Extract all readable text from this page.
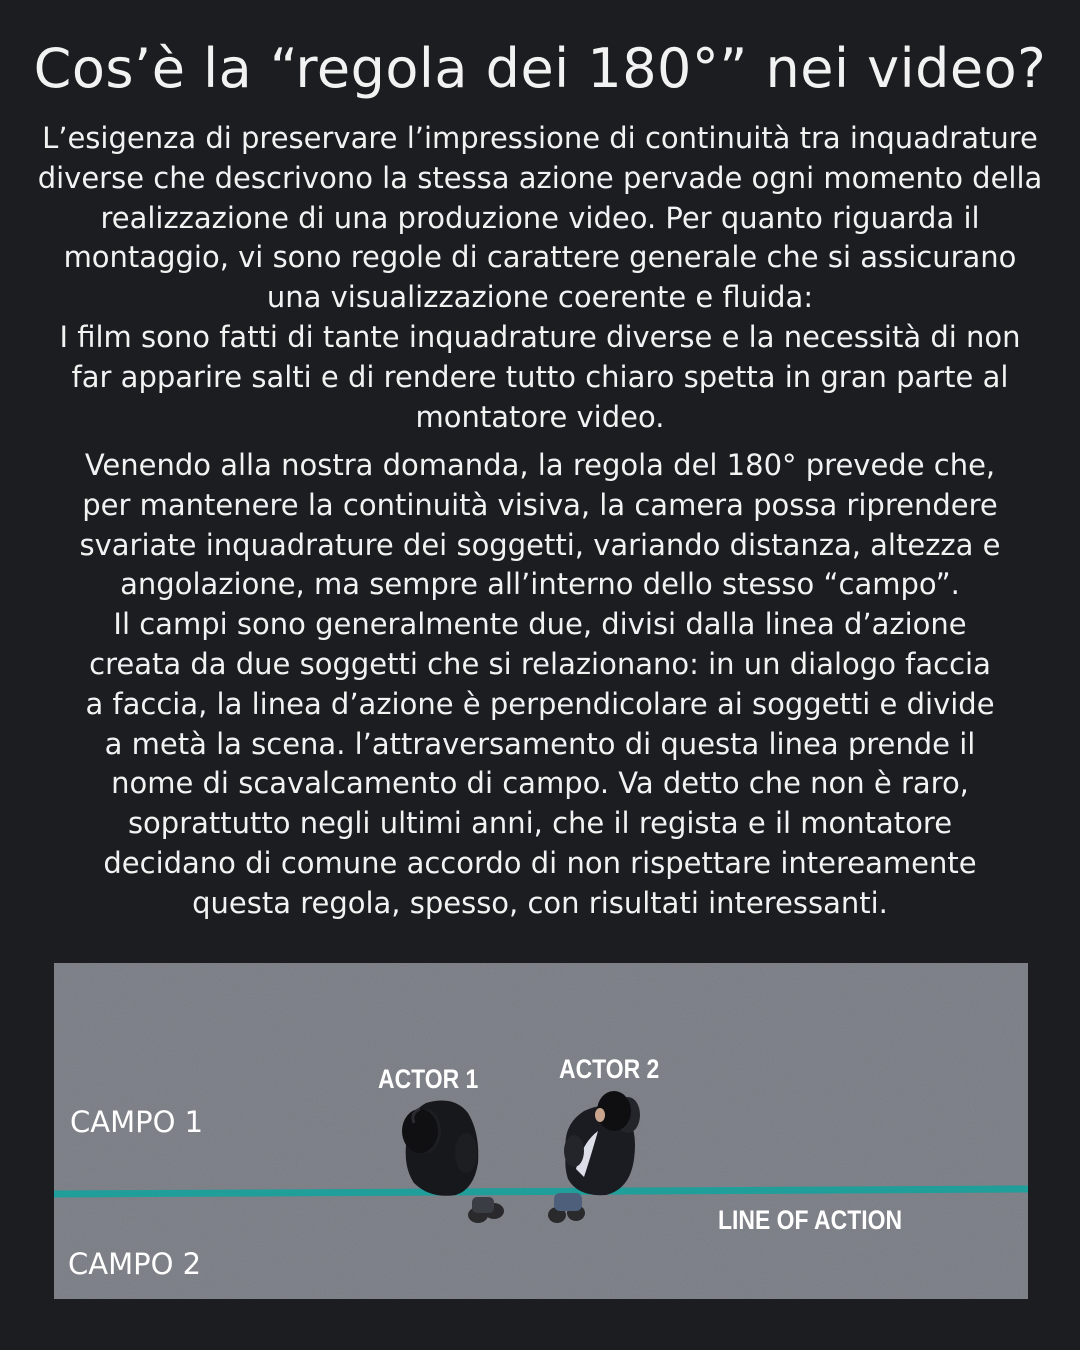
Cos’è la “regola dei 180°” nei video?

L’esigenza di preservare l’impressione di continuità tra inquadrature
diverse che descrivono la stessa azione pervade ogni momento della
realizzazione di una produzione video. Per quanto riguarda il
montaggio, vi sono regole di carattere generale che si assicurano
una visualizzazione coerente e fluida:
I film sono fatti di tante inquadrature diverse e la necessità di non
far apparire salti e di rendere tutto chiaro spetta in gran parte al
montatore video.

Venendo alla nostra domanda, la regola del 180° prevede che,
per mantenere la continuità visiva, la camera possa riprendere
svariate inquadrature dei soggetti, variando distanza, altezza e
angolazione, ma sempre all’interno dello stesso “campo”.
Il campi sono generalmente due, divisi dalla linea d’azione
creata da due soggetti che si relazionano: in un dialogo faccia
a faccia, la linea d’azione è perpendicolare ai soggetti e divide
a metà la scena. l’attraversamento di questa linea prende il
nome di scavalcamento di campo. Va detto che non è raro,
soprattutto negli ultimi anni, che il regista e il montatore
decidano di comune accordo di non rispettare intereamente
questa regola, spesso, con risultati interessanti.

CAMPO 1
CAMPO 2
ACTOR 1	ACTOR 2
LINE OF ACTION
